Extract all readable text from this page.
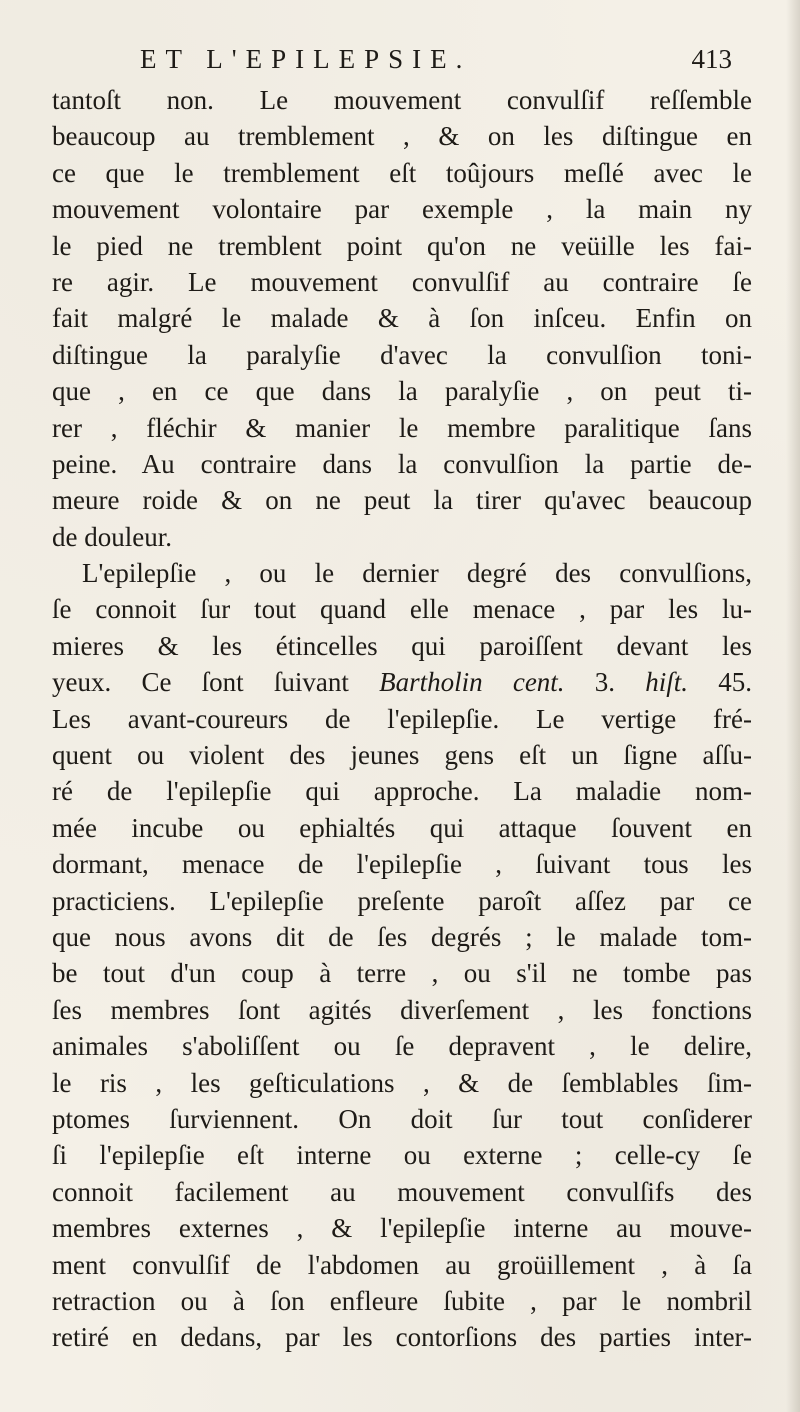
ET L'EPILEPSIE.	413
tantoſt non. Le mouvement convulſif reſſemble
beaucoup au tremblement , & on les diſtingue en
ce que le tremblement eſt toûjours meſlé avec le
mouvement volontaire par exemple , la main ny
le pied ne tremblent point qu'on ne veüille les fai-
re agir. Le mouvement convulſif au contraire ſe
fait malgré le malade & à ſon inſceu. Enfin on
diſtingue la paralyſie d'avec la convulſion toni-
que , en ce que dans la paralyſie , on peut ti-
rer , fléchir & manier le membre paralitique ſans
peine. Au contraire dans la convulſion la partie de-
meure roide & on ne peut la tirer qu'avec beaucoup
de douleur.
L'epilepſie , ou le dernier degré des convulſions,
ſe connoit ſur tout quand elle menace , par les lu-
mieres & les étincelles qui paroiſſent devant les
yeux. Ce ſont ſuivant Bartholin cent. 3. hiſt. 45.
Les avant-coureurs de l'epilepſie. Le vertige fré-
quent ou violent des jeunes gens eſt un ſigne aſſu-
ré de l'epilepſie qui approche. La maladie nom-
mée incube ou ephialtés qui attaque ſouvent en
dormant, menace de l'epilepſie , ſuivant tous les
practiciens. L'epilepſie preſente paroît aſſez par ce
que nous avons dit de ſes degrés ; le malade tom-
be tout d'un coup à terre , ou s'il ne tombe pas
ſes membres ſont agités diverſement , les fonctions
animales s'aboliſſent ou ſe depravent , le delire,
le ris , les geſticulations , & de ſemblables ſim-
ptomes ſurviennent. On doit ſur tout conſiderer
ſi l'epilepſie eſt interne ou externe ; celle-cy ſe
connoit facilement au mouvement convulſifs des
membres externes , & l'epilepſie interne au mouve-
ment convulſif de l'abdomen au groüillement , à ſa
retraction ou à ſon enfleure ſubite , par le nombril
retiré en dedans, par les contorſions des parties inter-
